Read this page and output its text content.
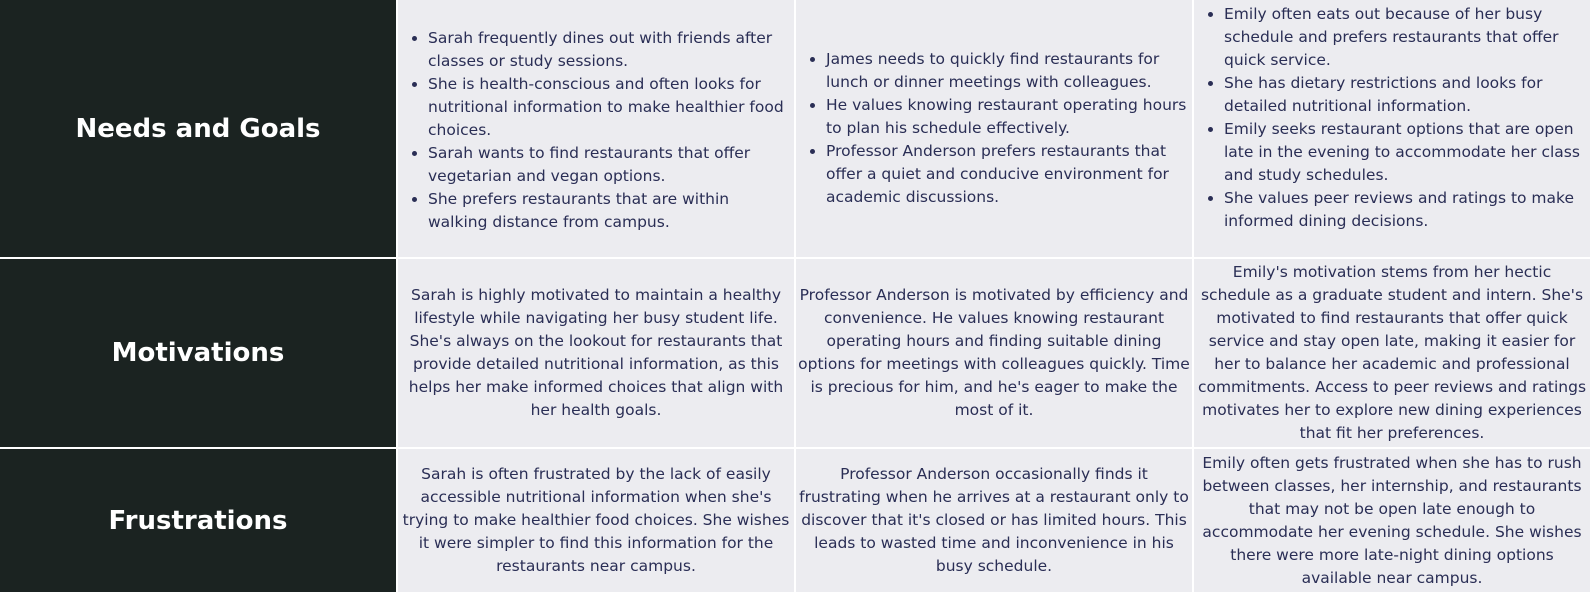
Needs and Goals
• Sarah frequently dines out with friends after classes or study sessions.
• She is health-conscious and often looks for nutritional information to make healthier food choices.
• Sarah wants to find restaurants that offer vegetarian and vegan options.
• She prefers restaurants that are within walking distance from campus.
• James needs to quickly find restaurants for lunch or dinner meetings with colleagues.
• He values knowing restaurant operating hours to plan his schedule effectively.
• Professor Anderson prefers restaurants that offer a quiet and conducive environment for academic discussions.
• Emily often eats out because of her busy schedule and prefers restaurants that offer quick service.
• She has dietary restrictions and looks for detailed nutritional information.
• Emily seeks restaurant options that are open late in the evening to accommodate her class and study schedules.
• She values peer reviews and ratings to make informed dining decisions.
Motivations

Sarah is highly motivated to maintain a healthy lifestyle while navigating her busy student life. She's always on the lookout for restaurants that provide detailed nutritional information, as this helps her make informed choices that align with her health goals.

Professor Anderson is motivated by efficiency and convenience. He values knowing restaurant operating hours and finding suitable dining options for meetings with colleagues quickly. Time is precious for him, and he's eager to make the most of it.

Emily's motivation stems from her hectic schedule as a graduate student and intern. She's motivated to find restaurants that offer quick service and stay open late, making it easier for her to balance her academic and professional commitments. Access to peer reviews and ratings motivates her to explore new dining experiences that fit her preferences.

Frustrations

Sarah is often frustrated by the lack of easily accessible nutritional information when she's trying to make healthier food choices. She wishes it were simpler to find this information for the restaurants near campus.

Professor Anderson occasionally finds it frustrating when he arrives at a restaurant only to discover that it's closed or has limited hours. This leads to wasted time and inconvenience in his busy schedule.

Emily often gets frustrated when she has to rush between classes, her internship, and restaurants that may not be open late enough to accommodate her evening schedule. She wishes there were more late-night dining options available near campus.
